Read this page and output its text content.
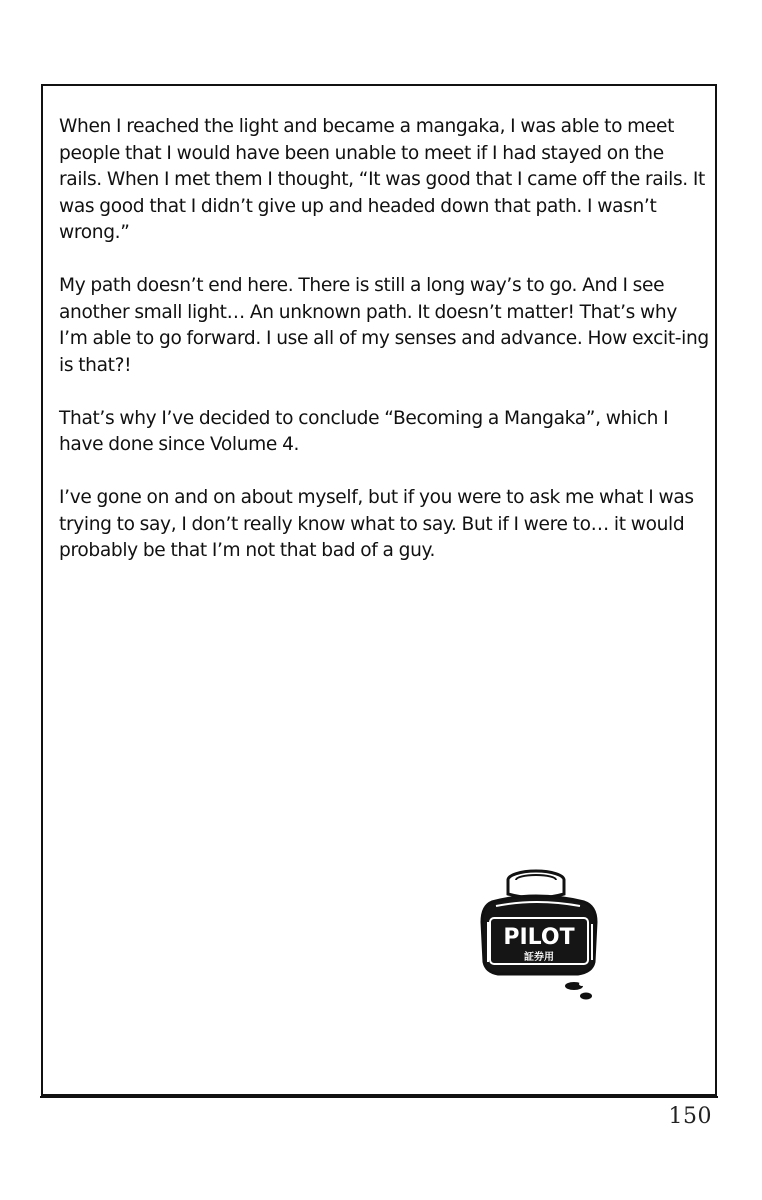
When I reached the light and became a mangaka, I was able to meet people that I would have been unable to meet if I had stayed on the rails. When I met them I thought, “It was good that I came off the rails. It was good that I didn’t give up and headed down that path. I wasn’t wrong.”

My path doesn’t end here. There is still a long way’s to go. And I see another small light… An unknown path. It doesn’t matter! That’s why I’m able to go forward. I use all of my senses and advance. How excit-ing is that?!

That’s why I’ve decided to conclude “Becoming a Mangaka”, which I have done since Volume 4.

I’ve gone on and on about myself, but if you were to ask me what I was trying to say, I don’t really know what to say. But if I were to… it would probably be that I’m not that bad of a guy.

PILOT
証券用
150
